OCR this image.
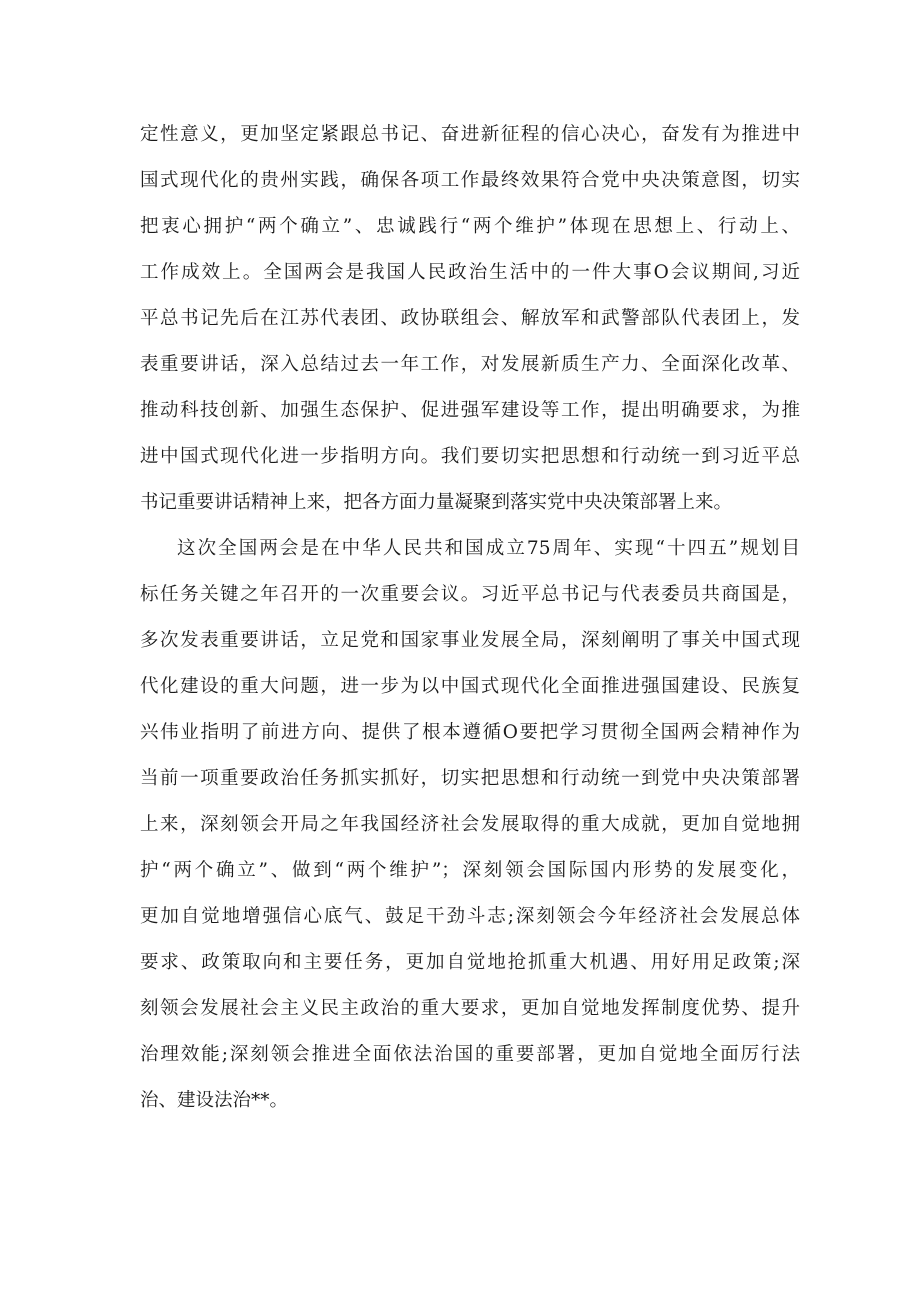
定性意义，更加坚定紧跟总书记、奋进新征程的信心决心，奋发有为推进中
国式现代化的贵州实践，确保各项工作最终效果符合党中央决策意图，切实
把衷心拥护“两个确立”、忠诚践行“两个维护”体现在思想上、行动上、
工作成效上。全国两会是我国人民政治生活中的一件大事O会议期间,习近
平总书记先后在江苏代表团、政协联组会、解放军和武警部队代表团上，发
表重要讲话，深入总结过去一年工作，对发展新质生产力、全面深化改革、
推动科技创新、加强生态保护、促进强军建设等工作，提出明确要求，为推
进中国式现代化进一步指明方向。我们要切实把思想和行动统一到习近平总
书记重要讲话精神上来，把各方面力量凝聚到落实党中央决策部署上来。

这次全国两会是在中华人民共和国成立75周年、实现“十四五”规划目
标任务关键之年召开的一次重要会议。习近平总书记与代表委员共商国是，
多次发表重要讲话，立足党和国家事业发展全局，深刻阐明了事关中国式现
代化建设的重大问题，进一步为以中国式现代化全面推进强国建设、民族复
兴伟业指明了前进方向、提供了根本遵循O要把学习贯彻全国两会精神作为
当前一项重要政治任务抓实抓好，切实把思想和行动统一到党中央决策部署
上来，深刻领会开局之年我国经济社会发展取得的重大成就，更加自觉地拥
护“两个确立”、做到“两个维护”；深刻领会国际国内形势的发展变化，
更加自觉地增强信心底气、鼓足干劲斗志;深刻领会今年经济社会发展总体
要求、政策取向和主要任务，更加自觉地抢抓重大机遇、用好用足政策;深
刻领会发展社会主义民主政治的重大要求，更加自觉地发挥制度优势、提升
治理效能;深刻领会推进全面依法治国的重要部署，更加自觉地全面厉行法
治、建设法治**。
